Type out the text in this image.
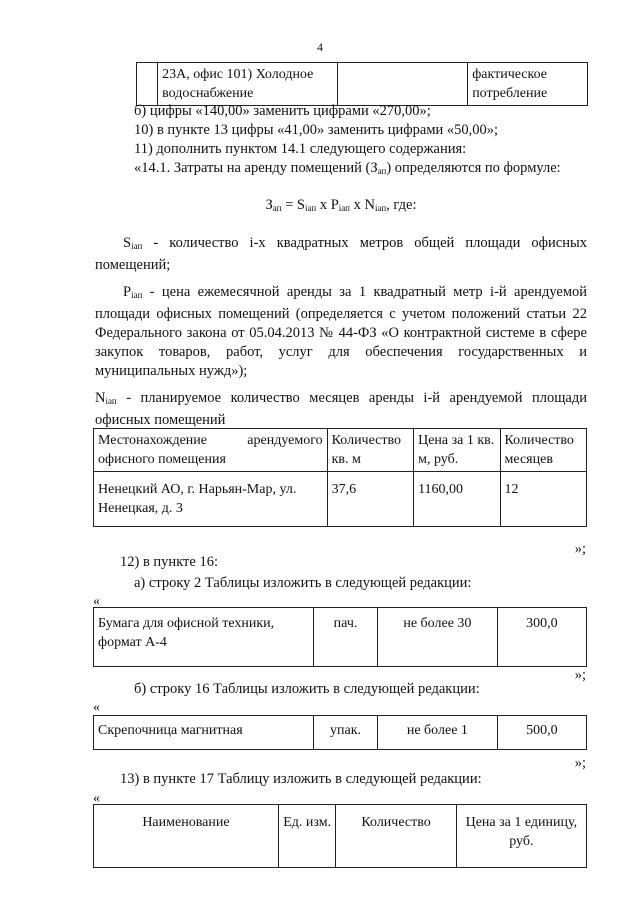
4
	23А, офис 101) Холодное водоснабжение		фактическое потребление
б) цифры «140,00» заменить цифрами «270,00»;
10) в пункте 13 цифры «41,00» заменить цифрами «50,00»;
11) дополнить пунктом 14.1 следующего содержания:
«14.1. Затраты на аренду помещений $(З_{ап})$ определяются по формуле:
$З_{ап} = S_{iап}$ x $P_{iап}$ x $N_{iап}$, где:
$S_{iап}$ - количество i-х квадратных метров общей площади офисных помещений;
$P_{iап}$ - цена ежемесячной аренды за 1 квадратный метр i-й арендуемой площади офисных помещений (определяется с учетом положений статьи 22 Федерального закона от 05.04.2013 № 44-ФЗ «О контрактной системе в сфере закупок товаров, работ, услуг для обеспечения государственных и муниципальных нужд»);
$N_{iап}$ - планируемое количество месяцев аренды i-й арендуемой площади офисных помещений
Местонахождение арендуемого офисного помещения	Количество кв. м	Цена за 1 кв. м, руб.	Количество месяцев
Ненецкий АО, г. Нарьян-Мар, ул. Ненецкая, д. 3	37,6	1160,00	12
»;
12) в пункте 16:
а) строку 2 Таблицы изложить в следующей редакции:
«
Бумага для офисной техники, формат А-4	пач.	не более 30	300,0
»;
б) строку 16 Таблицы изложить в следующей редакции:
«
Скрепочница магнитная	упак.	не более 1	500,0
»;
13) в пункте 17 Таблицу изложить в следующей редакции:
«
Наименование	Ед. изм.	Количество	Цена за 1 единицу, руб.
